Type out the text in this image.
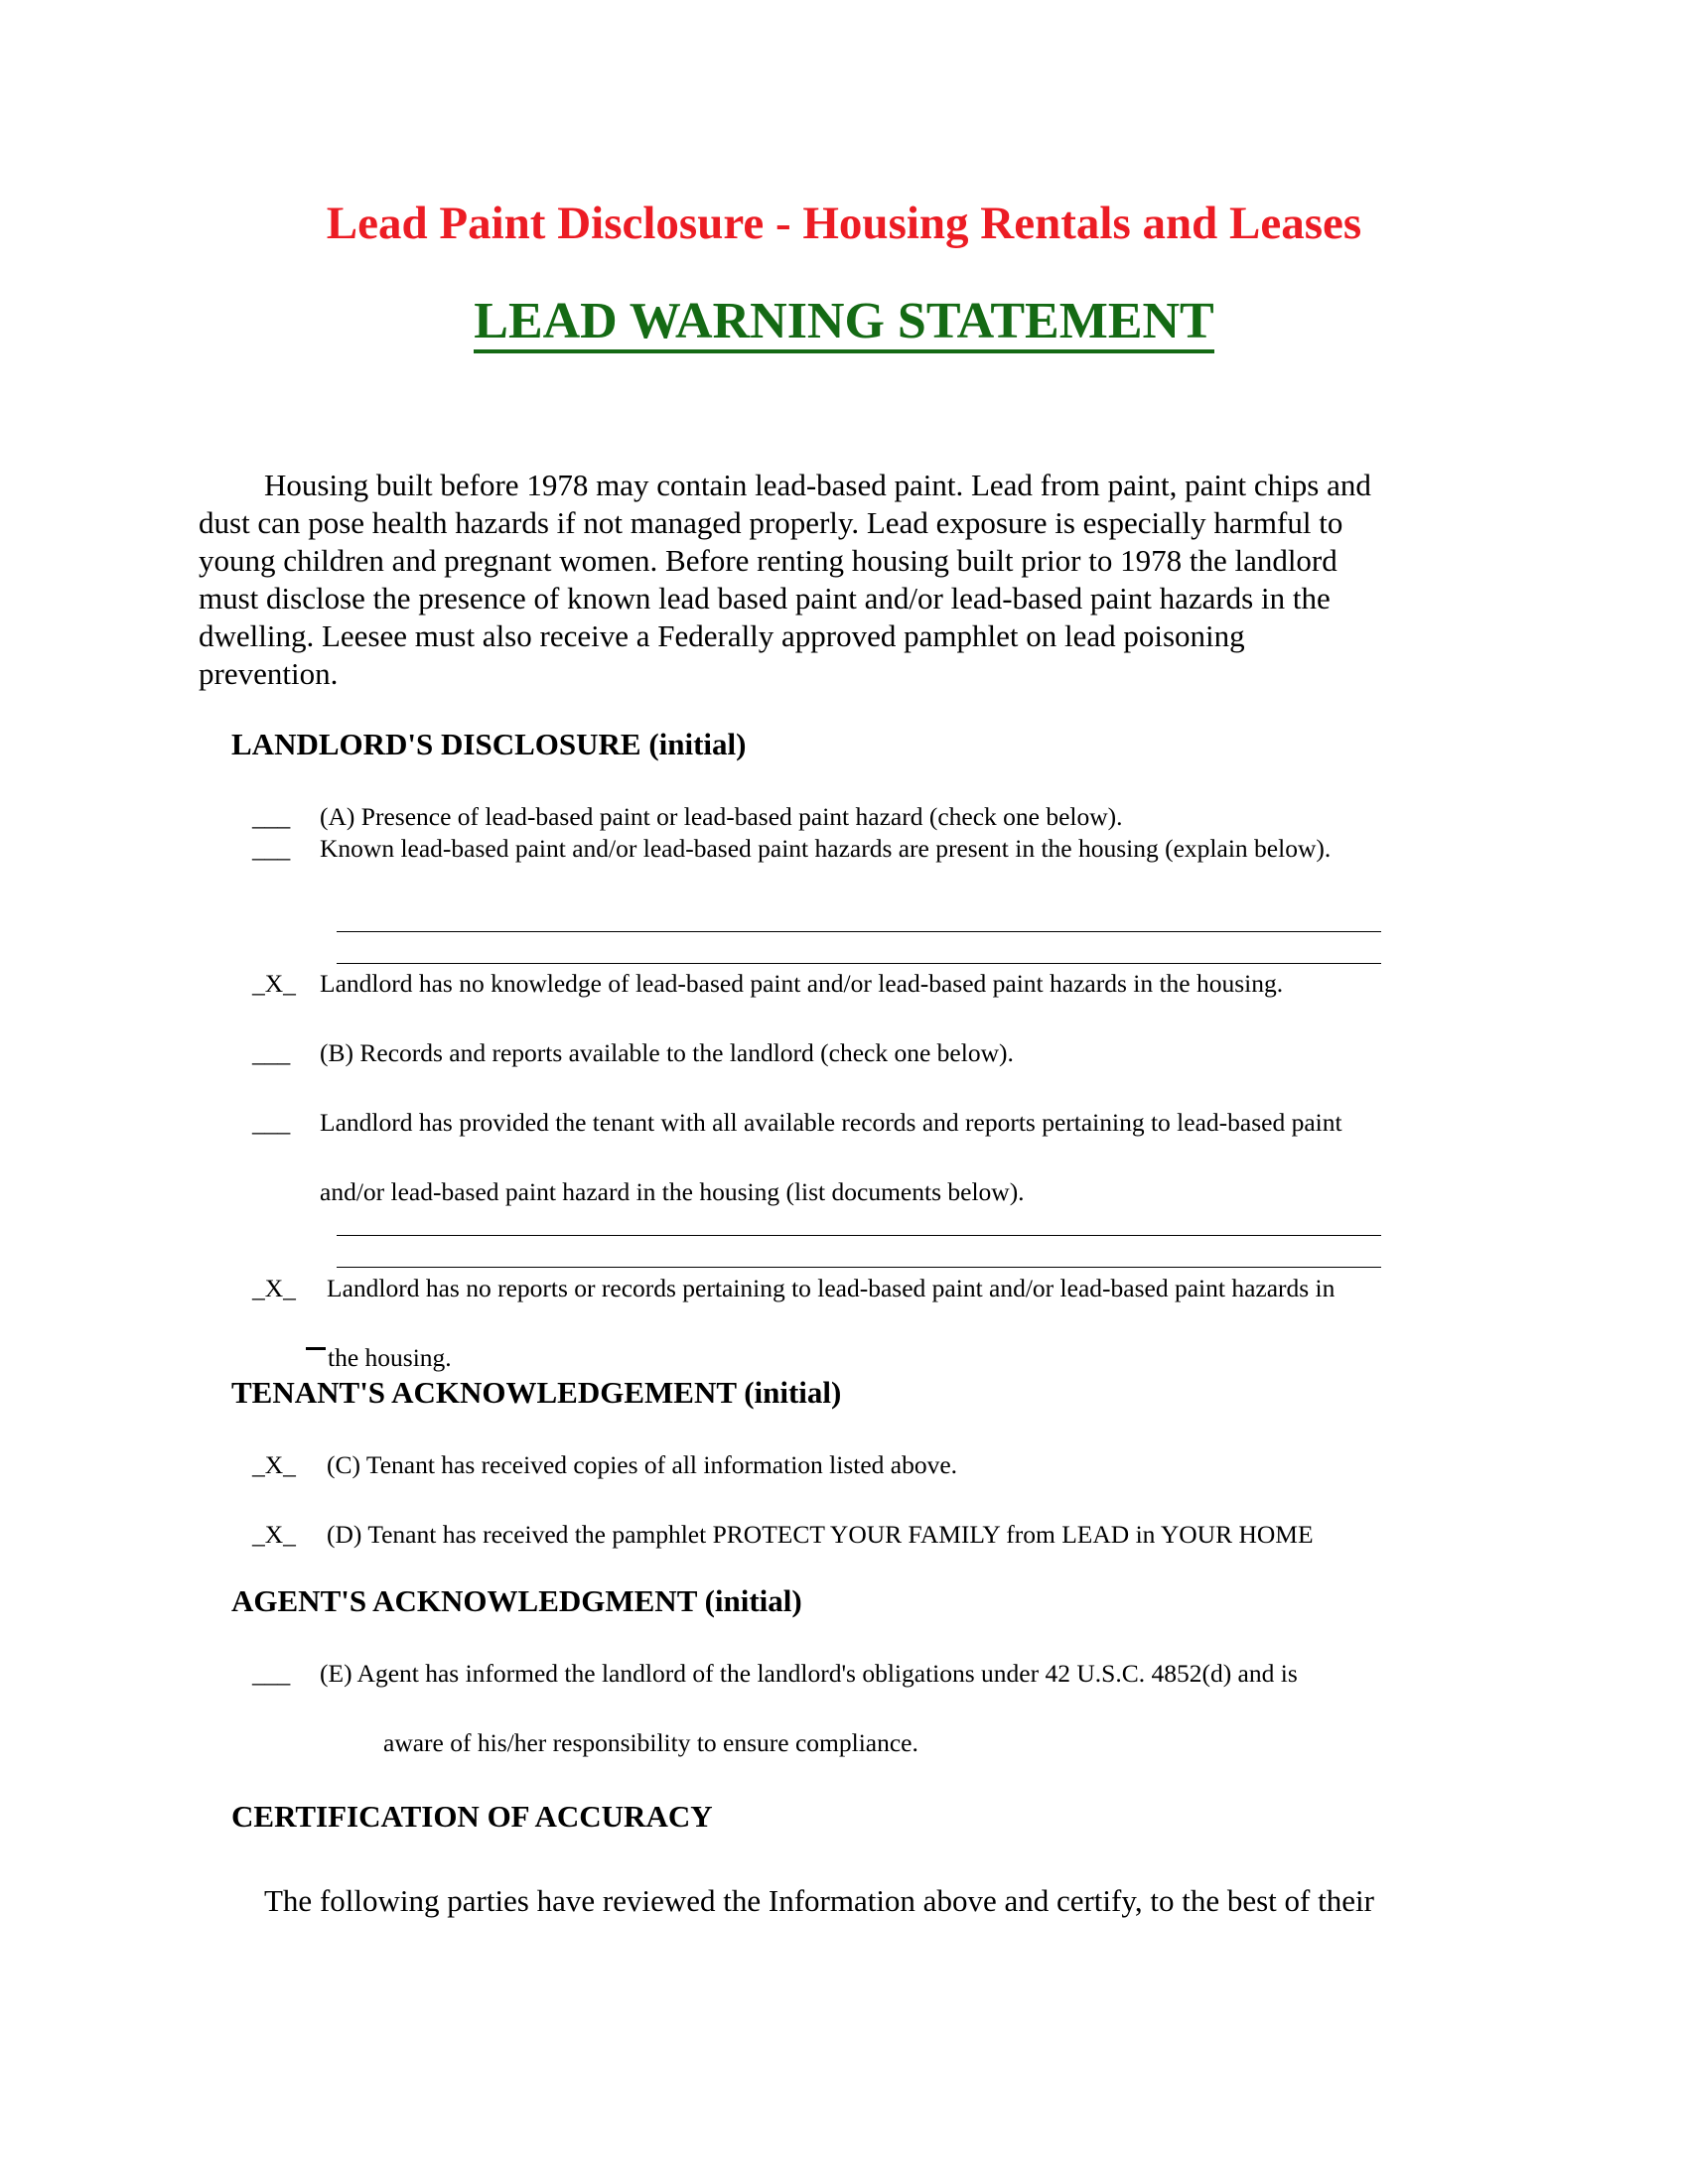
Lead Paint Disclosure - Housing Rentals and Leases
LEAD WARNING STATEMENT
Housing built before 1978 may contain lead-based paint. Lead from paint, paint chips and
dust can pose health hazards if not managed properly. Lead exposure is especially harmful to
young children and pregnant women. Before renting housing built prior to 1978 the landlord
must disclose the presence of known lead based paint and/or lead-based paint hazards in the
dwelling. Leesee must also receive a Federally approved pamphlet on lead poisoning
prevention.
LANDLORD'S DISCLOSURE (initial)
___ (A) Presence of lead-based paint or lead-based paint hazard (check one below).
___ Known lead-based paint and/or lead-based paint hazards are present in the housing (explain below).
_X_ Landlord has no knowledge of lead-based paint and/or lead-based paint hazards in the housing.
___ (B) Records and reports available to the landlord (check one below).
___ Landlord has provided the tenant with all available records and reports pertaining to lead-based paint
and/or lead-based paint hazard in the housing (list documents below).
_X_ Landlord has no reports or records pertaining to lead-based paint and/or lead-based paint hazards in
the housing.
TENANT'S ACKNOWLEDGEMENT (initial)
_X_ (C) Tenant has received copies of all information listed above.
_X_ (D) Tenant has received the pamphlet PROTECT YOUR FAMILY from LEAD in YOUR HOME
AGENT'S ACKNOWLEDGMENT (initial)
___ (E) Agent has informed the landlord of the landlord's obligations under 42 U.S.C. 4852(d) and is
aware of his/her responsibility to ensure compliance.
CERTIFICATION OF ACCURACY
The following parties have reviewed the Information above and certify, to the best of their
